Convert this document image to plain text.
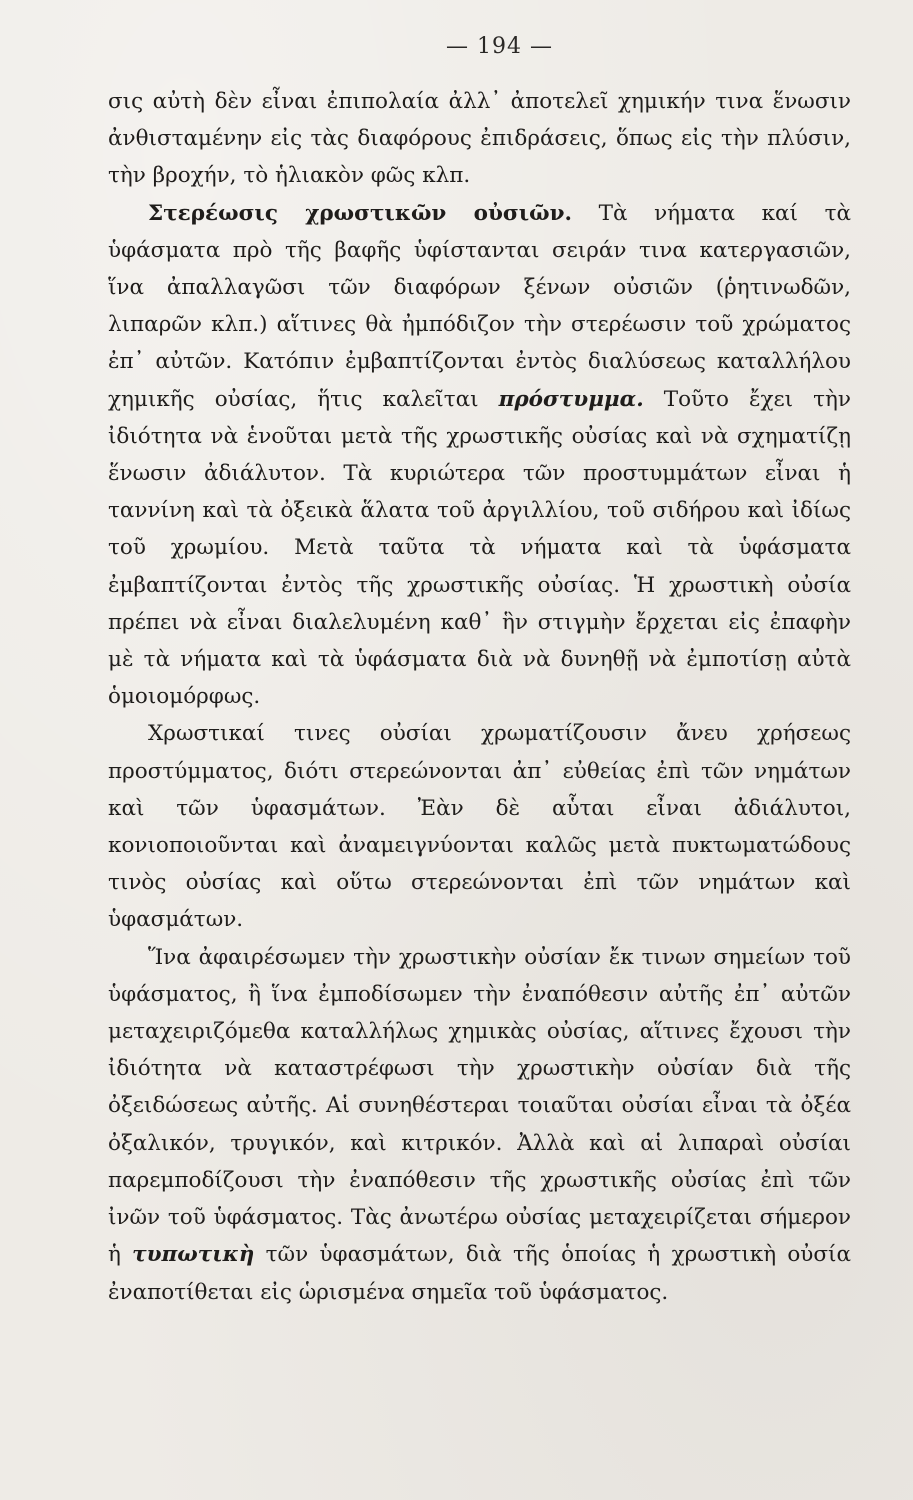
— 194 —

σις αὐτὴ δὲν εἶναι ἐπιπολαία ἀλλ᾽ ἀποτελεῖ χημικήν τινα ἕνωσιν ἀνθισταμένην εἰς τὰς διαφόρους ἐπιδράσεις, ὅπως εἰς τὴν πλύσιν, τὴν βροχήν, τὸ ἡλιακὸν φῶς κλπ.

Στερέωσις χρωστικῶν οὐσιῶν. Τὰ νήματα καί τὰ ὑφάσματα πρὸ τῆς βαφῆς ὑφίστανται σειράν τινα κατεργασιῶν, ἵνα ἀπαλλαγῶσι τῶν διαφόρων ξένων οὐσιῶν (ῥητινωδῶν, λιπαρῶν κλπ.) αἵτινες θὰ ἠμπόδιζον τὴν στερέωσιν τοῦ χρώματος ἐπ᾽ αὐτῶν. Κατόπιν ἐμβαπτίζονται ἐντὸς διαλύσεως καταλλήλου χημικῆς οὐσίας, ἥτις καλεῖται πρόστυμμα. Τοῦτο ἔχει τὴν ἰδιότητα νὰ ἑνοῦται μετὰ τῆς χρωστικῆς οὐσίας καὶ νὰ σχηματίζῃ ἕνωσιν ἀδιάλυτον. Τὰ κυριώτερα τῶν προστυμμάτων εἶναι ἡ ταννίνη καὶ τὰ ὀξεικὰ ἅλατα τοῦ ἀργιλλίου, τοῦ σιδήρου καὶ ἰδίως τοῦ χρωμίου. Μετὰ ταῦτα τὰ νήματα καὶ τὰ ὑφάσματα ἐμβαπτίζονται ἐντὸς τῆς χρωστικῆς οὐσίας. Ἡ χρωστικὴ οὐσία πρέπει νὰ εἶναι διαλελυμένη καθ᾽ ἣν στιγμὴν ἔρχεται εἰς ἐπαφὴν μὲ τὰ νήματα καὶ τὰ ὑφάσματα διὰ νὰ δυνηθῇ νὰ ἐμποτίσῃ αὐτὰ ὁμοιομόρφως.

Χρωστικαί τινες οὐσίαι χρωματίζουσιν ἄνευ χρήσεως προστύμματος, διότι στερεώνονται ἀπ᾽ εὐθείας ἐπὶ τῶν νημάτων καὶ τῶν ὑφασμάτων. Ἐὰν δὲ αὗται εἶναι ἀδιάλυτοι, κονιοποιοῦνται καὶ ἀναμειγνύονται καλῶς μετὰ πυκτωματώδους τινὸς οὐσίας καὶ οὕτω στερεώνονται ἐπὶ τῶν νημάτων καὶ ὑφασμάτων.

Ἵνα ἀφαιρέσωμεν τὴν χρωστικὴν οὐσίαν ἔκ τινων σημείων τοῦ ὑφάσματος, ἢ ἵνα ἐμποδίσωμεν τὴν ἐναπόθεσιν αὐτῆς ἐπ᾽ αὐτῶν μεταχειριζόμεθα καταλλήλως χημικὰς οὐσίας, αἵτινες ἔχουσι τὴν ἰδιότητα νὰ καταστρέφωσι τὴν χρωστικὴν οὐσίαν διὰ τῆς ὀξειδώσεως αὐτῆς. Αἱ συνηθέστεραι τοιαῦται οὐσίαι εἶναι τὰ ὀξέα ὀξαλικόν, τρυγικόν, καὶ κιτρικόν. Ἀλλὰ καὶ αἱ λιπαραὶ οὐσίαι παρεμποδίζουσι τὴν ἐναπόθεσιν τῆς χρωστικῆς οὐσίας ἐπὶ τῶν ἰνῶν τοῦ ὑφάσματος. Τὰς ἀνωτέρω οὐσίας μεταχειρίζεται σήμερον ἡ τυπωτικὴ τῶν ὑφασμάτων, διὰ τῆς ὁποίας ἡ χρωστικὴ οὐσία ἐναποτίθεται εἰς ὡρισμένα σημεῖα τοῦ ὑφάσματος.
